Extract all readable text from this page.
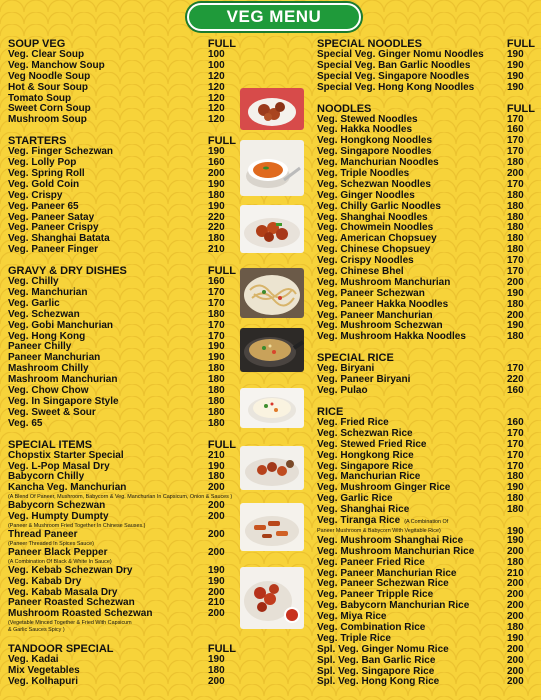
VEG MENU
SOUP VEG	FULL
Veg. Clear Soup	100
Veg. Manchow Soup	100
Veg Noodle Soup	120
Hot & Sour Soup	120
Tomato Soup	120
Sweet Corn Soup	120
Mushroom Soup	120
STARTERS	FULL
Veg. Finger Schezwan	190
Veg. Lolly Pop	160
Veg. Spring Roll	200
Veg. Gold Coin	190
Veg. Crispy	180
Veg. Paneer 65	190
Veg. Paneer Satay	220
Veg. Paneer Crispy	220
Veg. Shanghai Batata	180
Veg. Paneer Finger	210
GRAVY & DRY DISHES	FULL
Veg. Chilly	160
Veg. Manchurian	170
Veg. Garlic	170
Veg. Schezwan	180
Veg. Gobi Manchurian	170
Veg. Hong Kong	170
Paneer Chilly	190
Paneer Manchurian	190
Mashroom Chilly	180
Mashroom Manchurian	180
Veg. Chow Chow	180
Veg. In Singapore Style	180
Veg. Sweet & Sour	180
Veg. 65	180
SPECIAL ITEMS	FULL
Chopstix Starter Special	210
Veg. L-Pop Masal Dry	190
Babycorn Chilly	180
Kancha Veg. Manchurian	200
(A Blend Of Paneer, Mushroom, Babycorn & Veg. Manchurian In Capsicum, Onion & Sauces )
Babycorn Schezwan	200
Veg. Humpty Dumpty	200
(Paneer & Mushroom Fried Together In Chinese Sauses.)
Thread Paneer	200
(Paneer Threaded In Spices Sauce)
Paneer Black Pepper	200
(A Combination Of Black & White In Sauce)
Veg. Kebab Schezwan Dry	190
Veg. Kabab Dry	190
Veg. Kabab Masala Dry	200
Paneer Roasted Schezwan	210
Mushroom Roasted Schezwan	200
(Vegetable Minced Together & Fried With Capsicum
& Garlic Sauces Spicy )
TANDOOR SPECIAL	FULL
Veg. Kadai	190
Mix Vegetables	180
Veg. Kolhapuri	200
SPECIAL NOODLES	FULL
Special Veg. Ginger Nomu Noodles 190
Special Veg. Ban Garlic Noodles	190
Special Veg. Singapore Noodles	190
Special Veg. Hong Kong Noodles	190
NOODLES	FULL
Veg. Stewed Noodles	170
Veg. Hakka Noodles	160
Veg. Hongkong Noodles	170
Veg. Singapore Noodles	170
Veg. Manchurian Noodles	180
Veg. Triple Noodles	200
Veg. Schezwan Noodles	170
Veg. Ginger Noodles	180
Veg. Chilly Garlic Noodles	180
Veg. Shanghai Noodles	180
Veg. Chowmein Noodles	180
Veg. American Chopsuey	180
Veg. Chinese Chopsuey	180
Veg. Crispy Noodles	170
Veg. Chinese Bhel	170
Veg. Mushroom Manchurian	200
Veg. Paneer Schezwan	190
Veg. Paneer Hakka Noodles	180
Veg. Paneer Manchurian	200
Veg. Mushroom Schezwan	190
Veg. Mushroom Hakka Noodles	180
SPECIAL RICE
Veg. Biryani	170
Veg. Paneer Biryani	220
Veg. Pulao	160
RICE
Veg. Fried Rice	160
Veg. Schezwan Rice	170
Veg. Stewed Fried Rice	170
Veg. Hongkong Rice	170
Veg. Singapore Rice	170
Veg. Manchurian Rice	180
Veg. Mushroom Ginger Rice	190
Veg. Garlic Rice	180
Veg. Shanghai Rice	180
Veg. Tiranga Rice (A Combination Of
Paneer Mushroom & Babycorn With Vegitable Rice)	190
Veg. Mushroom Shanghai Rice	190
Veg. Mushroom Manchurian Rice	200
Veg. Paneer Fried Rice	180
Veg. Paneer Manchurian Rice	210
Veg. Paneer Schezwan Rice	200
Veg. Paneer Tripple Rice	200
Veg. Babycorn Manchurian Rice	200
Veg. Miya Rice	200
Veg. Combination Rice	180
Veg. Triple Rice	190
Spl. Veg. Ginger Nomu Rice	200
Spl. Veg. Ban Garlic Rice	200
Spl. Veg. Singapore Rice	200
Spl. Veg. Hong Kong Rice	200
